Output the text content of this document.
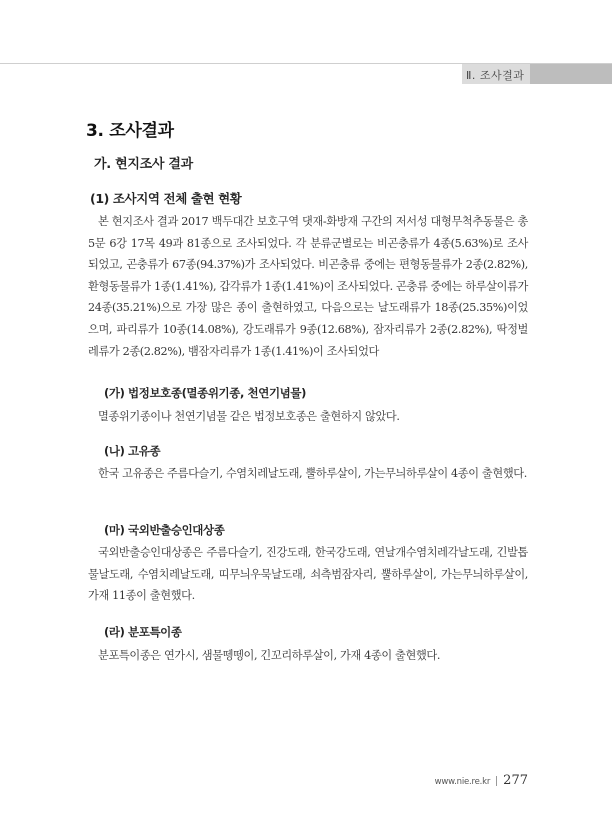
Ⅱ. 조사결과
3. 조사결과
가. 현지조사 결과
(1) 조사지역 전체 출현 현황

본 현지조사 결과 2017 백두대간 보호구역 댓재-화방재 구간의 저서성 대형무척추동물은 총 5문 6강 17목 49과 81종으로 조사되었다. 각 분류군별로는 비곤충류가 4종(5.63%)로 조사되었고, 곤충류가 67종(94.37%)가 조사되었다. 비곤충류 중에는 편형동물류가 2종(2.82%), 환형동물류가 1종(1.41%), 갑각류가 1종(1.41%)이 조사되었다. 곤충류 중에는 하루살이류가 24종(35.21%)으로 가장 많은 종이 출현하였고, 다음으로는 날도래류가 18종(25.35%)이었으며, 파리류가 10종(14.08%), 강도래류가 9종(12.68%), 잠자리류가 2종(2.82%), 딱정벌레류가 2종(2.82%), 뱀잠자리류가 1종(1.41%)이 조사되었다

(가) 법정보호종(멸종위기종, 천연기념물)

멸종위기종이나 천연기념물 같은 법정보호종은 출현하지 않았다.

(나) 고유종

한국 고유종은 주름다슬기, 수염치레날도래, 뿔하루살이, 가는무늬하루살이 4종이 출현했다.

(마) 국외반출승인대상종

국외반출승인대상종은 주름다슬기, 진강도래, 한국강도래, 연날개수염치레각날도래, 긴발톱물날도래, 수염치레날도래, 띠무늬우묵날도래, 쇠측범잠자리, 뿔하루살이, 가는무늬하루살이, 가재 11종이 출현했다.

(라) 분포특이종

분포특이종은 연가시, 샘물뗑뗑이, 긴꼬리하루살이, 가재 4종이 출현했다.

www.nie.re.kr 277
